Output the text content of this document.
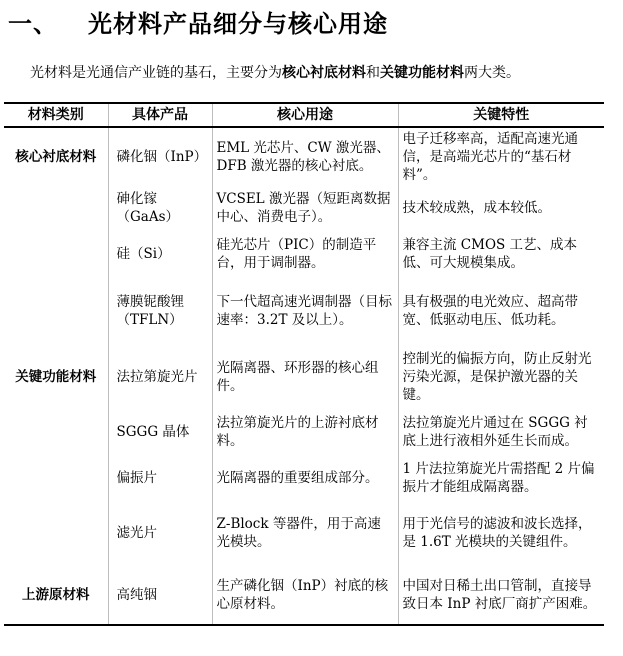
一、 光材料产品细分与核心用途
光材料是光通信产业链的基石，主要分为核心衬底材料和关键功能材料两大类。
材料类别	具体产品	核心用途	关键特性
核心衬底材料	磷化铟（InP）	EML 光芯片、CW 激光器、DFB 激光器的核心衬底。	电子迁移率高，适配高速光通信，是高端光芯片的“基石材料”。
	砷化镓（GaAs）	VCSEL 激光器（短距离数据中心、消费电子）。	技术较成熟，成本较低。
	硅（Si）	硅光芯片（PIC）的制造平台，用于调制器。	兼容主流 CMOS 工艺、成本低、可大规模集成。
	薄膜铌酸锂（TFLN）	下一代超高速光调制器（目标速率：3.2T 及以上）。	具有极强的电光效应、超高带宽、低驱动电压、低功耗。
关键功能材料	法拉第旋光片	光隔离器、环形器的核心组件。	控制光的偏振方向，防止反射光污染光源，是保护激光器的关键。
	SGGG 晶体	法拉第旋光片的上游衬底材料。	法拉第旋光片通过在 SGGG 衬底上进行液相外延生长而成。
	偏振片	光隔离器的重要组成部分。	1 片法拉第旋光片需搭配 2 片偏振片才能组成隔离器。
	滤光片	Z-Block 等器件，用于高速光模块。	用于光信号的滤波和波长选择，是 1.6T 光模块的关键组件。
上游原材料	高纯铟	生产磷化铟（InP）衬底的核心原材料。	中国对日稀土出口管制，直接导致日本 InP 衬底厂商扩产困难。
